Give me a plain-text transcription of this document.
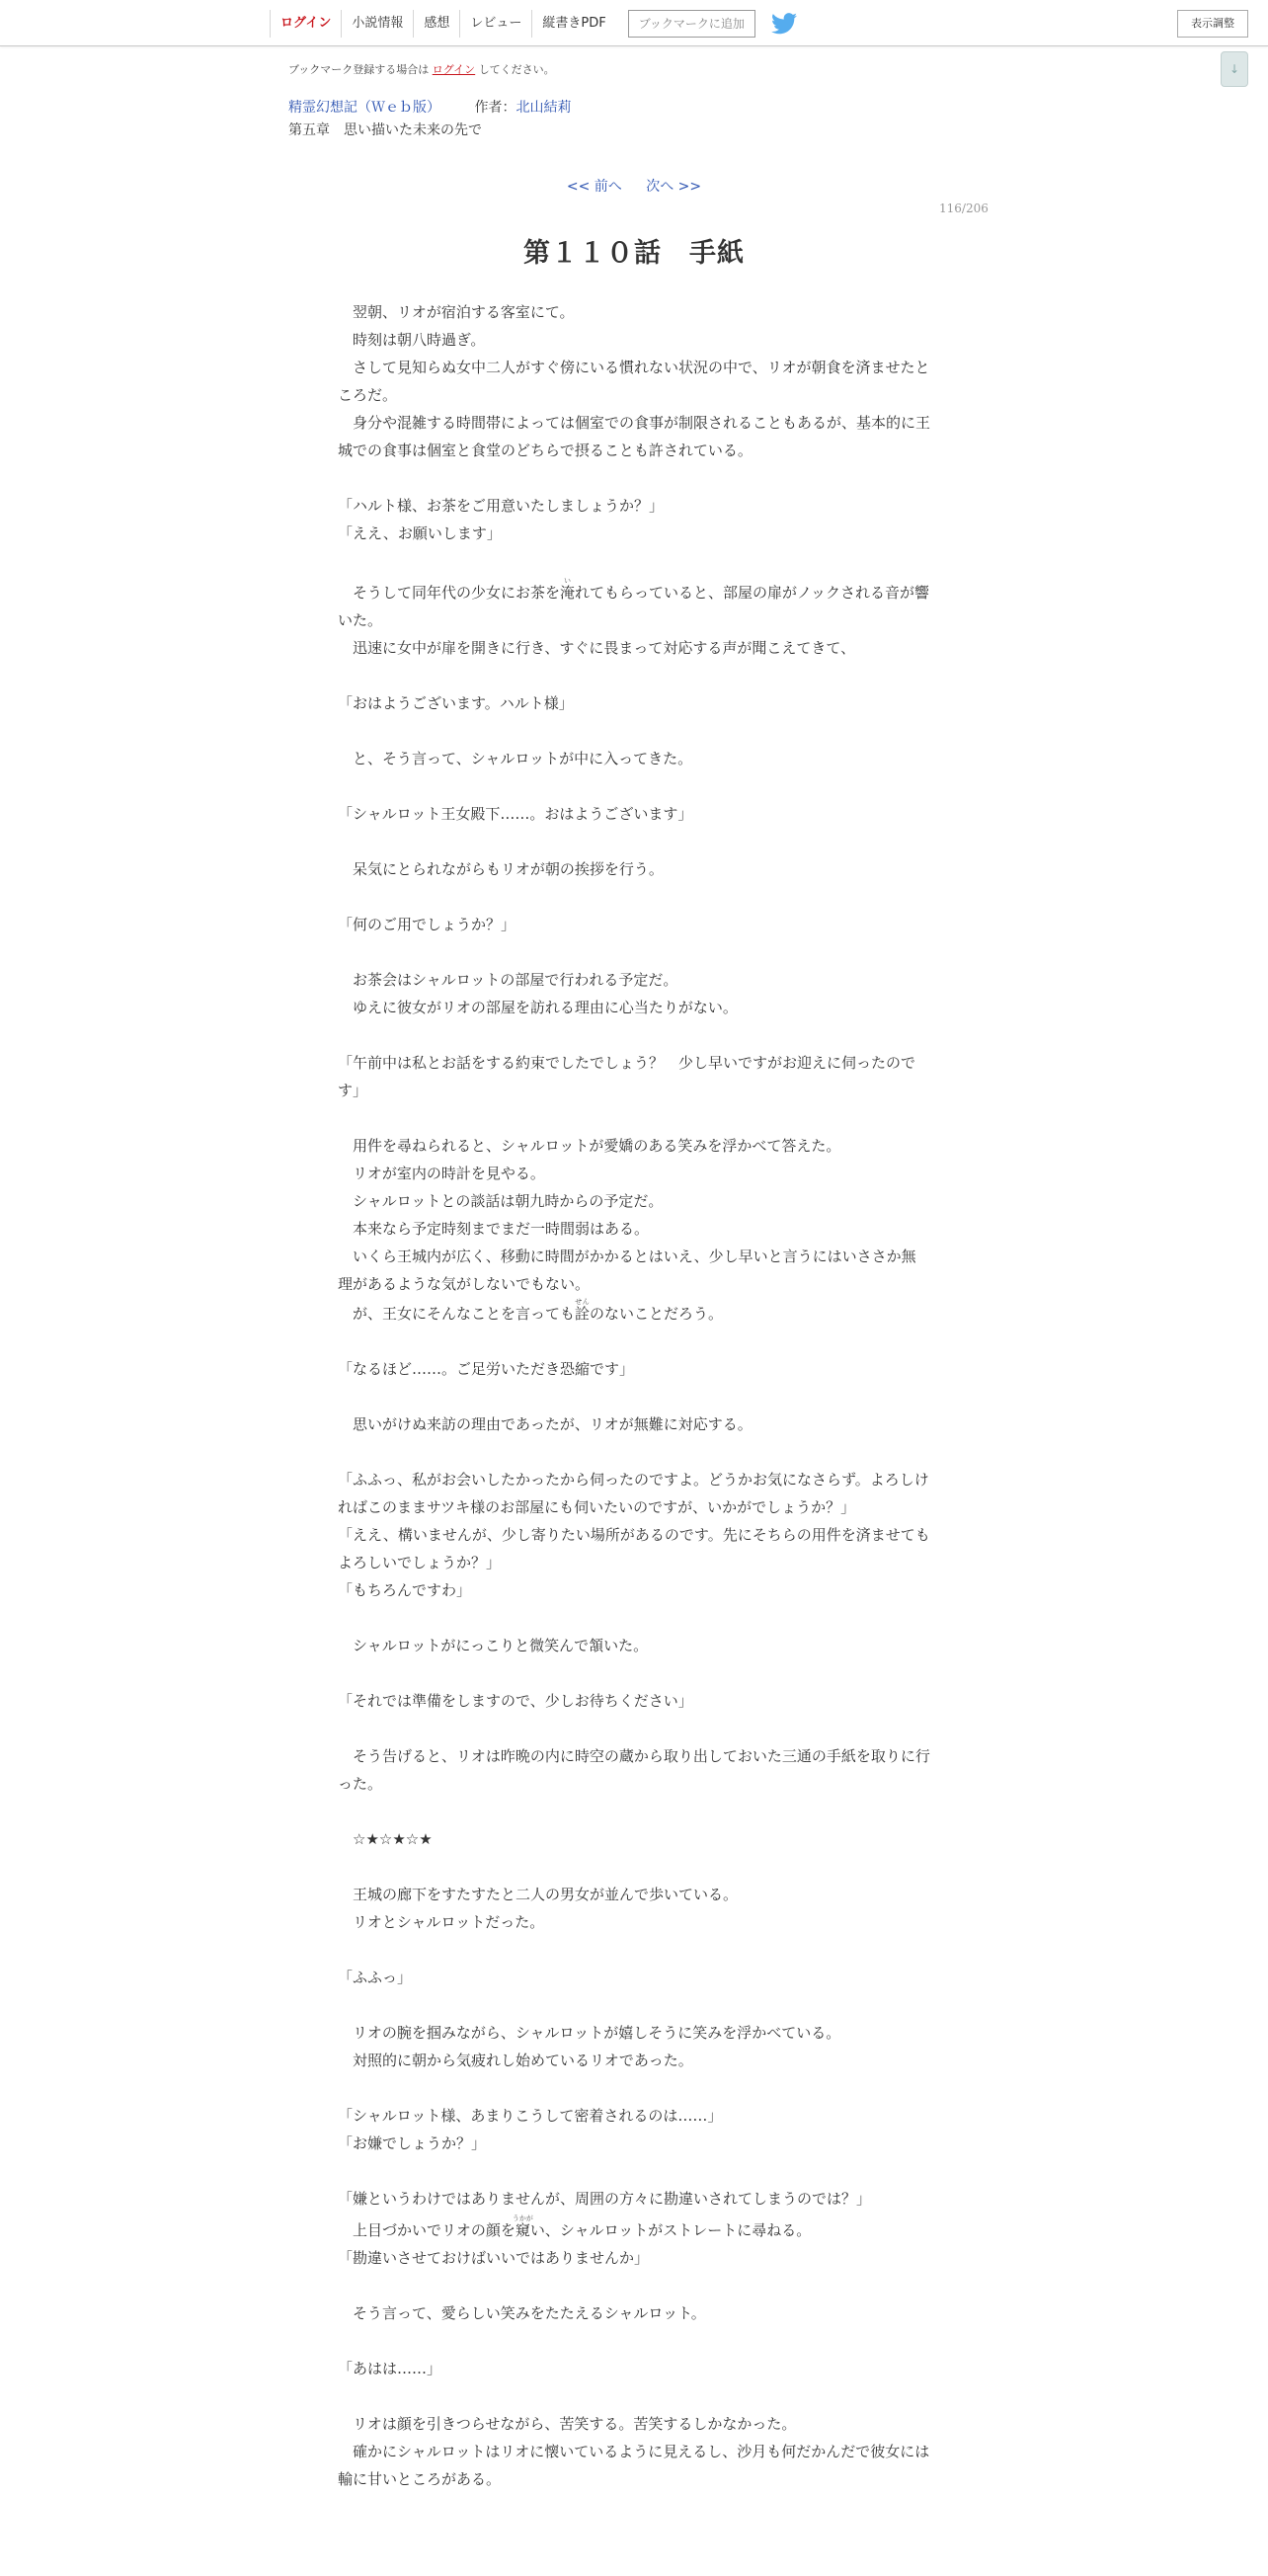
ログイン	小説情報	感想	レビュー	縦書きPDF	ブックマークに追加	表示調整
↓
ブックマーク登録する場合は ログイン してください。
精霊幻想記（Ｗｅｂ版） 作者：北山結莉
第五章　思い描いた未来の先で
<< 前へ 次へ >>
116/206
第１１０話　手紙

　翌朝、リオが宿泊する客室にて。

　時刻は朝八時過ぎ。

　さして見知らぬ女中二人がすぐ傍にいる慣れない状況の中で、リオが朝食を済ませたところだ。

　身分や混雑する時間帯によっては個室での食事が制限されることもあるが、基本的に王城での食事は個室と食堂のどちらで摂ることも許されている。

「ハルト様、お茶をご用意いたしましょうか？」

「ええ、お願いします」

　そうして同年代の少女にお茶を淹いれてもらっていると、部屋の扉がノックされる音が響いた。

　迅速に女中が扉を開きに行き、すぐに畏まって対応する声が聞こえてきて、

「おはようございます。ハルト様」

　と、そう言って、シャルロットが中に入ってきた。

「シャルロット王女殿下……。おはようございます」

　呆気にとられながらもリオが朝の挨拶を行う。

「何のご用でしょうか？」

　お茶会はシャルロットの部屋で行われる予定だ。

　ゆえに彼女がリオの部屋を訪れる理由に心当たりがない。

「午前中は私とお話をする約束でしたでしょう？　少し早いですがお迎えに伺ったのです」

　用件を尋ねられると、シャルロットが愛嬌のある笑みを浮かべて答えた。

　リオが室内の時計を見やる。

　シャルロットとの談話は朝九時からの予定だ。

　本来なら予定時刻までまだ一時間弱はある。

　いくら王城内が広く、移動に時間がかかるとはいえ、少し早いと言うにはいささか無理があるような気がしないでもない。

　が、王女にそんなことを言っても詮せんのないことだろう。

「なるほど……。ご足労いただき恐縮です」

　思いがけぬ来訪の理由であったが、リオが無難に対応する。

「ふふっ、私がお会いしたかったから伺ったのですよ。どうかお気になさらず。よろしければこのままサツキ様のお部屋にも伺いたいのですが、いかがでしょうか？」

「ええ、構いませんが、少し寄りたい場所があるのです。先にそちらの用件を済ませてもよろしいでしょうか？」

「もちろんですわ」

　シャルロットがにっこりと微笑んで頷いた。

「それでは準備をしますので、少しお待ちください」

　そう告げると、リオは昨晩の内に時空の蔵から取り出しておいた三通の手紙を取りに行った。

　☆★☆★☆★

　王城の廊下をすたすたと二人の男女が並んで歩いている。

　リオとシャルロットだった。

「ふふっ」

　リオの腕を掴みながら、シャルロットが嬉しそうに笑みを浮かべている。

　対照的に朝から気疲れし始めているリオであった。

「シャルロット様、あまりこうして密着されるのは……」

「お嫌でしょうか？」

「嫌というわけではありませんが、周囲の方々に勘違いされてしまうのでは？」

　上目づかいでリオの顔を窺うかがい、シャルロットがストレートに尋ねる。

「勘違いさせておけばいいではありませんか」

　そう言って、愛らしい笑みをたたえるシャルロット。

「あはは……」

　リオは顔を引きつらせながら、苦笑する。苦笑するしかなかった。

　確かにシャルロットはリオに懐いているように見えるし、沙月も何だかんだで彼女には輸に甘いところがある。
